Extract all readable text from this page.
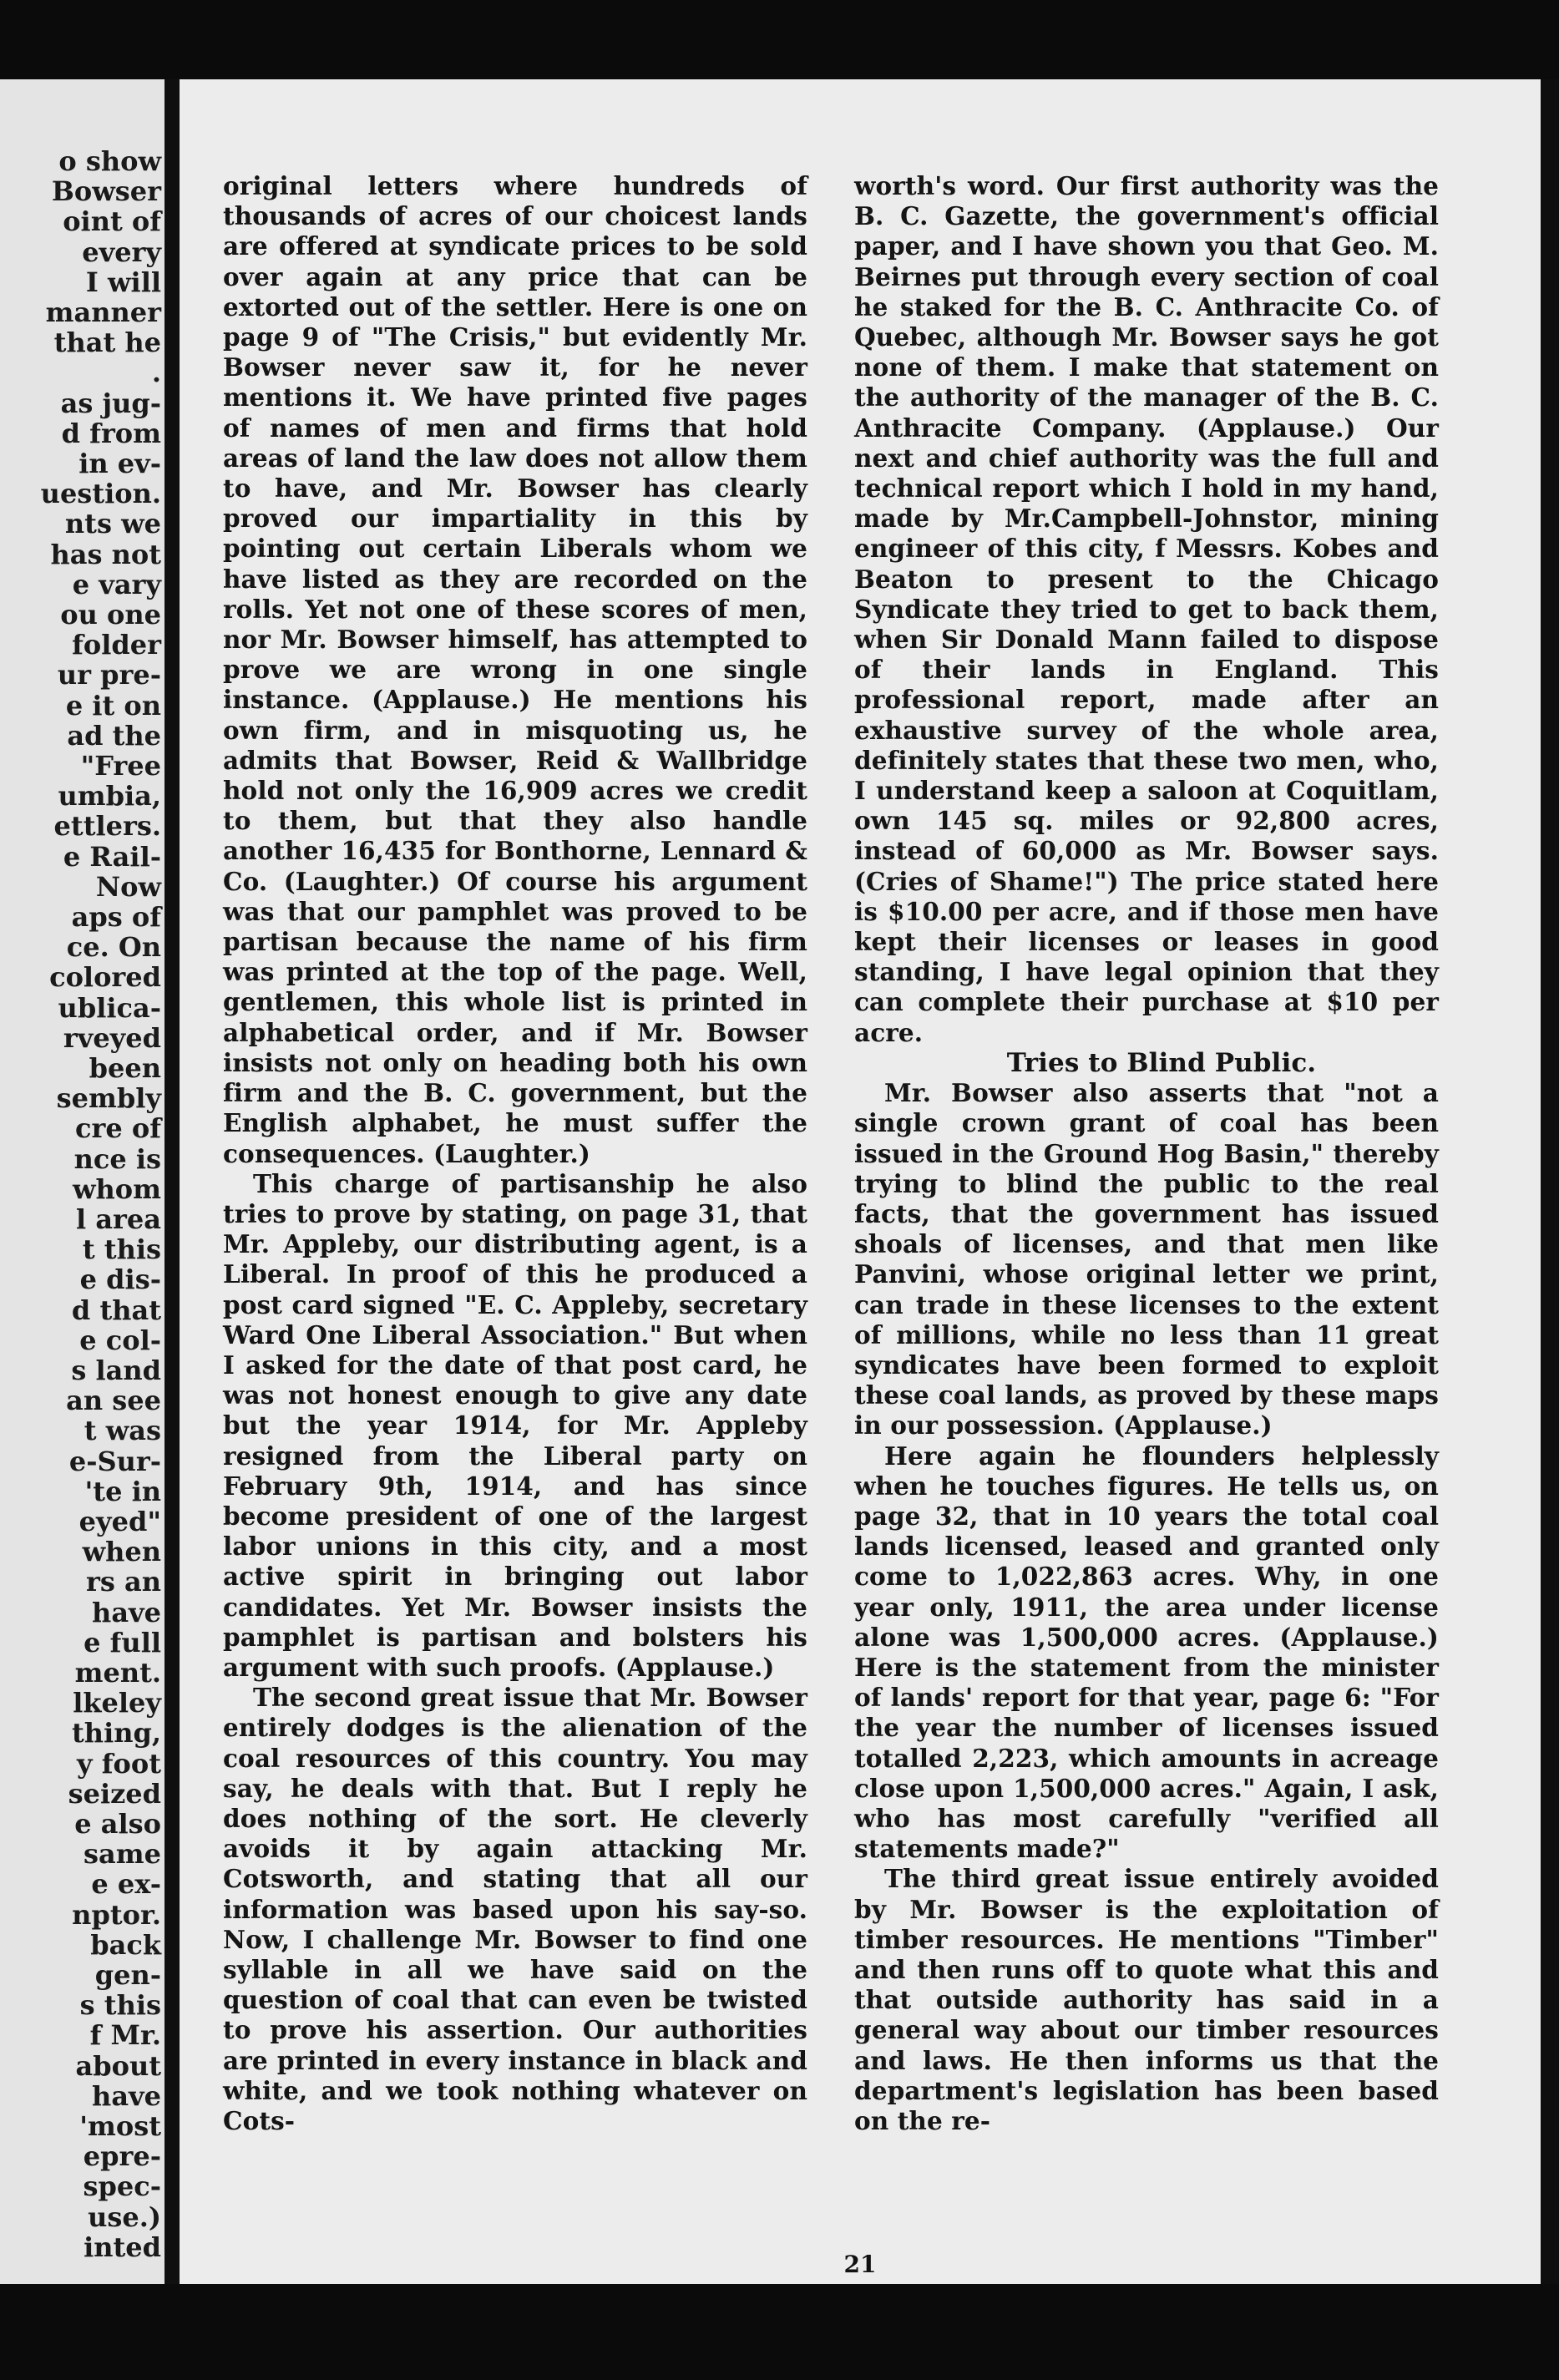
o show
Bowser
oint of
every
I will
manner
that he
.
as jug-
d from
in ev-
uestion.
nts we
has not
e vary
ou one
folder
ur pre-
e it on
ad the
"Free
umbia,
ettlers.
e Rail-
Now
aps of
ce. On
colored
ublica-
rveyed
been
sembly
cre of
nce is
whom
l area
t this
e dis-
d that
e col-
s land
an see
t was
e-Sur-
'te in
eyed"
when
rs an
have
e full
ment.
lkeley
thing,
y foot
seized
e also
same
e ex-
nptor.
back
gen-
s this
f Mr.
about
have
'most
epre-
spec-
use.)
inted

original letters where hundreds of thousands of acres of our choicest lands are offered at syndicate prices to be sold over again at any price that can be extorted out of the settler. Here is one on page 9 of "The Crisis," but evidently Mr. Bowser never saw it, for he never mentions it. We have printed five pages of names of men and firms that hold areas of land the law does not allow them to have, and Mr. Bowser has clearly proved our impartiality in this by pointing out certain Liberals whom we have listed as they are recorded on the rolls. Yet not one of these scores of men, nor Mr. Bowser himself, has attempted to prove we are wrong in one single instance. (Applause.) He mentions his own firm, and in misquoting us, he admits that Bowser, Reid & Wallbridge hold not only the 16,909 acres we credit to them, but that they also handle another 16,435 for Bonthorne, Lennard & Co. (Laughter.) Of course his argument was that our pamphlet was proved to be partisan because the name of his firm was printed at the top of the page. Well, gentlemen, this whole list is printed in alphabetical order, and if Mr. Bowser insists not only on heading both his own firm and the B. C. government, but the English alphabet, he must suffer the consequences. (Laughter.)

This charge of partisanship he also tries to prove by stating, on page 31, that Mr. Appleby, our distributing agent, is a Liberal. In proof of this he produced a post card signed "E. C. Appleby, secretary Ward One Liberal Association." But when I asked for the date of that post card, he was not honest enough to give any date but the year 1914, for Mr. Appleby resigned from the Liberal party on February 9th, 1914, and has since become president of one of the largest labor unions in this city, and a most active spirit in bringing out labor candidates. Yet Mr. Bowser insists the pamphlet is partisan and bolsters his argument with such proofs. (Applause.)

The second great issue that Mr. Bowser entirely dodges is the alienation of the coal resources of this country. You may say, he deals with that. But I reply he does nothing of the sort. He cleverly avoids it by again attacking Mr. Cotsworth, and stating that all our information was based upon his say-so. Now, I challenge Mr. Bowser to find one syllable in all we have said on the question of coal that can even be twisted to prove his assertion. Our authorities are printed in every instance in black and white, and we took nothing whatever on Cots-

worth's word. Our first authority was the B. C. Gazette, the government's official paper, and I have shown you that Geo. M. Beirnes put through every section of coal he staked for the B. C. Anthracite Co. of Quebec, although Mr. Bowser says he got none of them. I make that statement on the authority of the manager of the B. C. Anthracite Company. (Applause.) Our next and chief authority was the full and technical report which I hold in my hand, made by Mr.Campbell-Johnstor, mining engineer of this city, f Messrs. Kobes and Beaton to present to the Chicago Syndicate they tried to get to back them, when Sir Donald Mann failed to dispose of their lands in England. This professional report, made after an exhaustive survey of the whole area, definitely states that these two men, who, I understand keep a saloon at Coquitlam, own 145 sq. miles or 92,800 acres, instead of 60,000 as Mr. Bowser says. (Cries of Shame!") The price stated here is $10.00 per acre, and if those men have kept their licenses or leases in good standing, I have legal opinion that they can complete their purchase at $10 per acre.

Tries to Blind Public.

Mr. Bowser also asserts that "not a single crown grant of coal has been issued in the Ground Hog Basin," thereby trying to blind the public to the real facts, that the government has issued shoals of licenses, and that men like Panvini, whose original letter we print, can trade in these licenses to the extent of millions, while no less than 11 great syndicates have been formed to exploit these coal lands, as proved by these maps in our possession. (Applause.)

Here again he flounders helplessly when he touches figures. He tells us, on page 32, that in 10 years the total coal lands licensed, leased and granted only come to 1,022,863 acres. Why, in one year only, 1911, the area under license alone was 1,500,000 acres. (Applause.) Here is the statement from the minister of lands' report for that year, page 6: "For the year the number of licenses issued totalled 2,223, which amounts in acreage close upon 1,500,000 acres." Again, I ask, who has most carefully "verified all statements made?"

The third great issue entirely avoided by Mr. Bowser is the exploitation of timber resources. He mentions "Timber" and then runs off to quote what this and that outside authority has said in a general way about our timber resources and laws. He then informs us that the department's legislation has been based on the re-

21
